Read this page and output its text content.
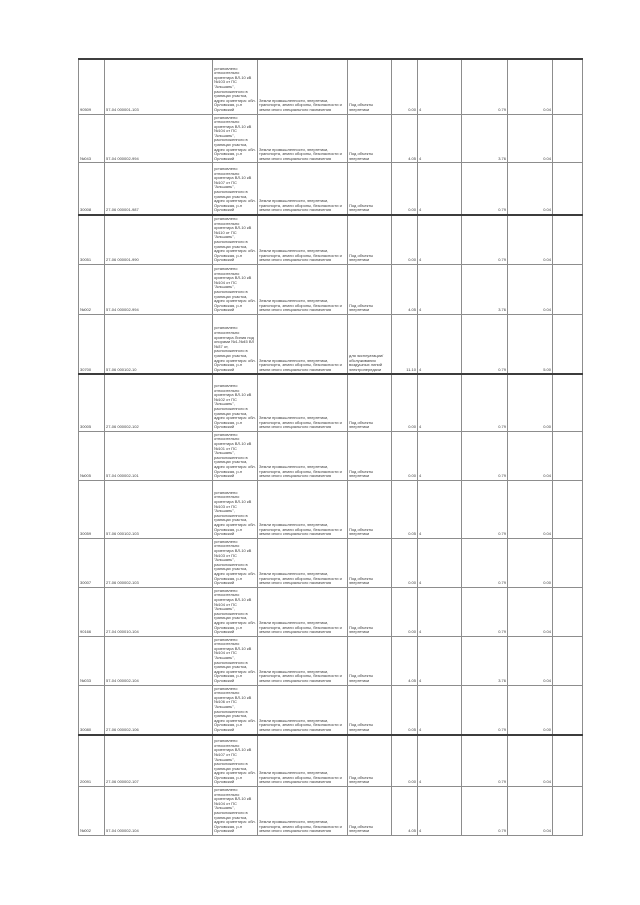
90509	57-04 000001-103	установлено относительно ориентира ВЛ-10 кВ №103 от ПС "Альшань", расположенного в границах участка, адрес ориентира: обл. Орловская, р-н Орловский	Земли промышленности, энергетики, транспорта, земли обороны, безопасности и земли иного специального назначения	Под объекты энергетики	0.00	4	0.79	0.04	
№043	57-04 000002-994	установлено относительно ориентира ВЛ-10 кВ №104 от ПС "Альшань", расположенного в границах участка, адрес ориентира: обл. Орловская, р-н Орловский	Земли промышленности, энергетики, транспорта, земли обороны, безопасности и земли иного специального назначения	Под объекты энергетики	4.05	4	3.76	0.04	
30008	27-06 000001-987	установлено относительно ориентира ВЛ-10 кВ №107 от ПС "Альшань", расположенного в границах участка, адрес ориентира: обл. Орловская, р-н Орловский	Земли промышленности, энергетики, транспорта, земли обороны, безопасности и земли иного специального назначения	Под объекты энергетики	0.00	4	0.79	0.04	
30051	27-06 000001-990	установлено относительно ориентира ВЛ-10 кВ №110 от ПС "Альшань", расположенного в границах участка, адрес ориентира: обл. Орловская, р-н Орловский	Земли промышленности, энергетики, транспорта, земли обороны, безопасности и земли иного специального назначения	Под объекты энергетики	0.00	4	0.79	0.04	
№002	57-04 000002-994	установлено относительно ориентира ВЛ-10 кВ №104 от ПС "Альшань", расположенного в границах участка, адрес ориентира: обл. Орловская, р-н Орловский	Земли промышленности, энергетики, транспорта, земли обороны, безопасности и земли иного специального назначения	Под объекты энергетики	4.05	4	3.76	0.04	
30700	57-06 000102-10	установлено относительно ориентира Линия под опорами №1-№45 ВЛ №37 от, расположенного в границах участка, адрес ориентира: обл. Орловская, р-н Орловский	Земли промышленности, энергетики, транспорта, земли обороны, безопасности и земли иного специального назначения	для эксплуатации/обслуживания воздушных линий электропередачи	11.10	4	0.79	5.00	
30005	27-06 000002-102	установлено относительно ориентира ВЛ-10 кВ №102 от ПС "Альшань", расположенного в границах участка, адрес ориентира: обл. Орловская, р-н Орловский	Земли промышленности, энергетики, транспорта, земли обороны, безопасности и земли иного специального назначения	Под объекты энергетики	0.00	4	0.79	0.00	
№005	57-04 000002-101	установлено относительно ориентира ВЛ-10 кВ №101 от ПС "Альшань", расположенного в границах участка, адрес ориентира: обл. Орловская, р-н Орловский	Земли промышленности, энергетики, транспорта, земли обороны, безопасности и земли иного специального назначения	Под объекты энергетики	0.00	4	0.79	0.04	
30059	57-06 000102-103	установлено относительно ориентира ВЛ-10 кВ №103 от ПС "Альшань", расположенного в границах участка, адрес ориентира: обл. Орловская, р-н Орловский	Земли промышленности, энергетики, транспорта, земли обороны, безопасности и земли иного специального назначения	Под объекты энергетики	0.05	4	0.79	0.04	
30007	27-06 000002-103	установлено относительно ориентира ВЛ-10 кВ №103 от ПС "Альшань", расположенного в границах участка, адрес ориентира: обл. Орловская, р-н Орловский	Земли промышленности, энергетики, транспорта, земли обороны, безопасности и земли иного специального назначения	Под объекты энергетики	0.00	4	0.79	0.00	
90166	27-04 000010-104	установлено относительно ориентира ВЛ-10 кВ №104 от ПС "Альшань", расположенного в границах участка, адрес ориентира: обл. Орловская, р-н Орловский	Земли промышленности, энергетики, транспорта, земли обороны, безопасности и земли иного специального назначения	Под объекты энергетики	0.00	4	0.79	0.04	
№033	57-04 000002-104	установлено относительно ориентира ВЛ-10 кВ №104 от ПС "Альшань", расположенного в границах участка, адрес ориентира: обл. Орловская, р-н Орловский	Земли промышленности, энергетики, транспорта, земли обороны, безопасности и земли иного специального назначения	Под объекты энергетики	4.05	4	3.76	0.04	
30080	27-06 000002-106	установлено относительно ориентира ВЛ-10 кВ №106 от ПС "Альшань", расположенного в границах участка, адрес ориентира: обл. Орловская, р-н Орловский	Земли промышленности, энергетики, транспорта, земли обороны, безопасности и земли иного специального назначения	Под объекты энергетики	0.05	4	0.79	0.00	
20091	27-06 000002-107	установлено относительно ориентира ВЛ-10 кВ №107 от ПС "Альшань", расположенного в границах участка, адрес ориентира: обл. Орловская, р-н Орловский	Земли промышленности, энергетики, транспорта, земли обороны, безопасности и земли иного специального назначения	Под объекты энергетики	0.00	4	0.79	0.04	
№002	57-04 000002-104	установлено относительно ориентира ВЛ-10 кВ №104 от ПС "Альшань", расположенного в границах участка, адрес ориентира: обл. Орловская, р-н Орловский	Земли промышленности, энергетики, транспорта, земли обороны, безопасности и земли иного специального назначения	Под объекты энергетики	4.05	4	0.79	0.04	
